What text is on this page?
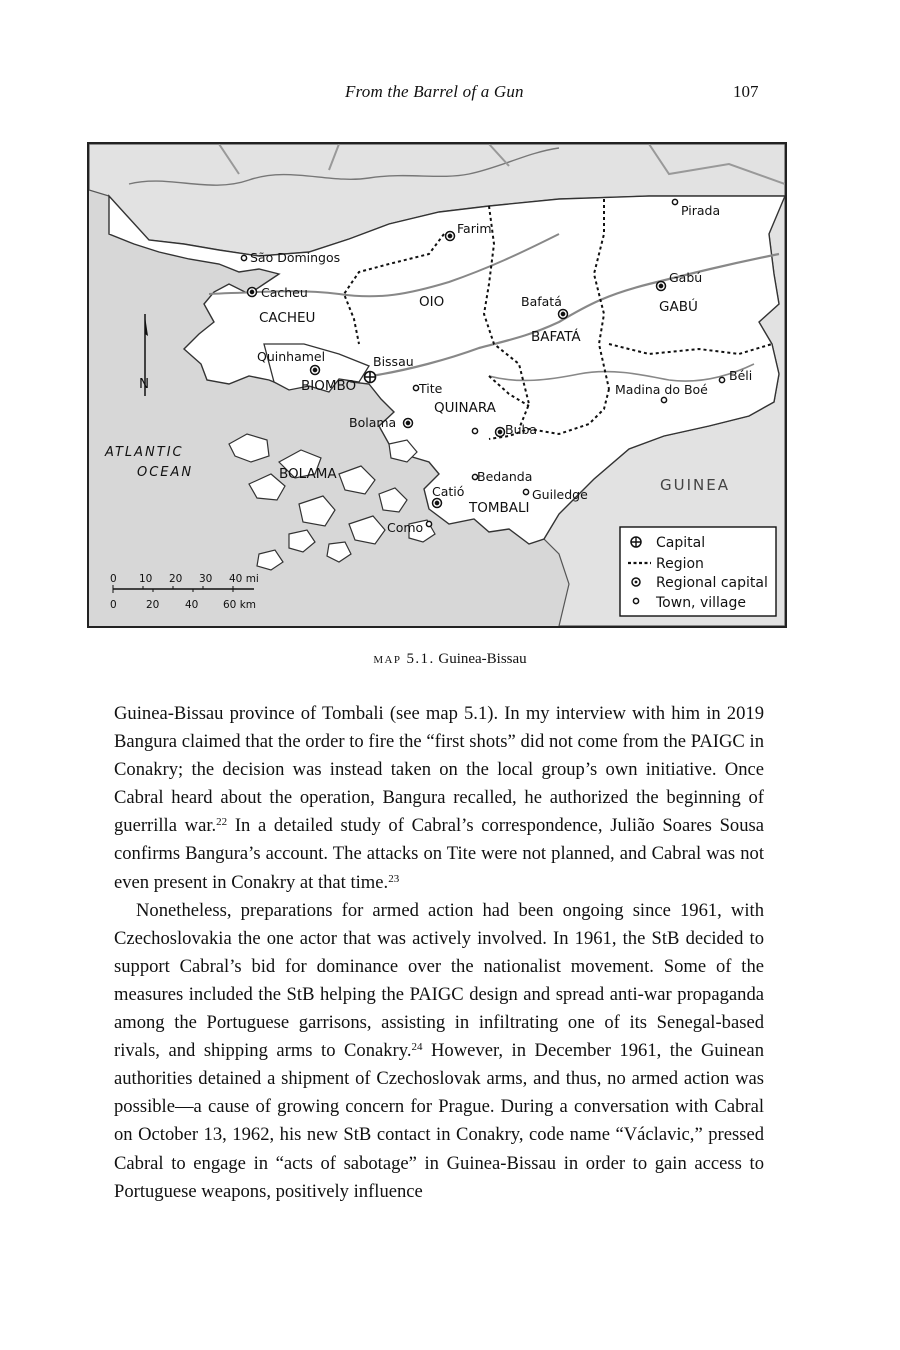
From the Barrel of a Gun	107
São Domingos
Cacheu
Farim
Pirada
Gabú
Bafatá
Quinhamel	Bissau
Tite	Madina do Boé
Béli
Bolama	Buba
Bedanda
Catió	Guiledge
Como
CACHEU
OIO	GABÚ
BAFATÁ
BIOMBO
QUINARA
BOLAMA
TOMBALI
ATLANTIC
OCEAN
GUINEA
N
0 10 20 30 40 mi
0	20 40 60 km
Capital
Region
Regional capital
Town, village
map 5.1. Guinea-Bissau

Guinea-Bissau province of Tombali (see map 5.1). In my interview with him in 2019 Bangura claimed that the order to fire the “first shots” did not come from the PAIGC in Conakry; the decision was instead taken on the local group’s own initiative. Once Cabral heard about the operation, Bangura recalled, he authorized the beginning of guerrilla war.$^{22}$ In a detailed study of Cabral’s correspondence, Julião Soares Sousa confirms Bangura’s account. The attacks on Tite were not planned, and Cabral was not even present in Conakry at that time.$^{23}$

Nonetheless, preparations for armed action had been ongoing since 1961, with Czechoslovakia the one actor that was actively involved. In 1961, the StB decided to support Cabral’s bid for dominance over the nationalist movement. Some of the measures included the StB helping the PAIGC design and spread anti-war propaganda among the Portuguese garrisons, assisting in infiltrating one of its Senegal-based rivals, and shipping arms to Conakry.$^{24}$ However, in December 1961, the Guinean authorities detained a shipment of Czechoslovak arms, and thus, no armed action was possible—a cause of growing concern for Prague. During a conversation with Cabral on October 13, 1962, his new StB contact in Conakry, code name “Václavic,” pressed Cabral to engage in “acts of sabotage” in Guinea-Bissau in order to gain access to Portuguese weapons, positively influence
